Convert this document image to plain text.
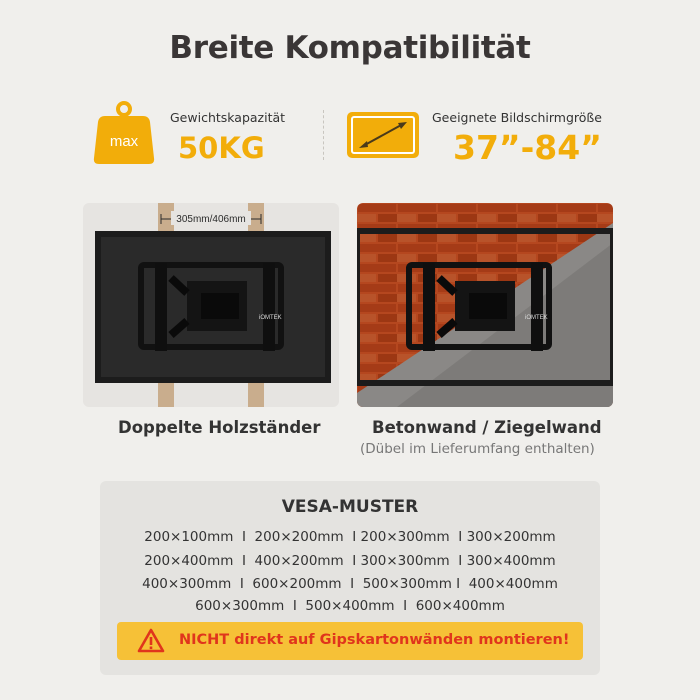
Breite Kompatibilität
max
Gewichtskapazität
50KG
Geeignete Bildschirmgröße
37”-84”
305mm/406mm
iOMTEK
Doppelte Holzständer
iOMTEK
Betonwand / Ziegelwand
(Dübel im Lieferumfang enthalten)
VESA-MUSTER
200×100mm  I  200×200mm  I 200×300mm  I 300×200mm
200×400mm  I  400×200mm  I 300×300mm  I 300×400mm
400×300mm  I  600×200mm  I  500×300mm I  400×400mm
600×300mm  I  500×400mm  I  600×400mm
NICHT direkt auf Gipskartonwänden montieren!
